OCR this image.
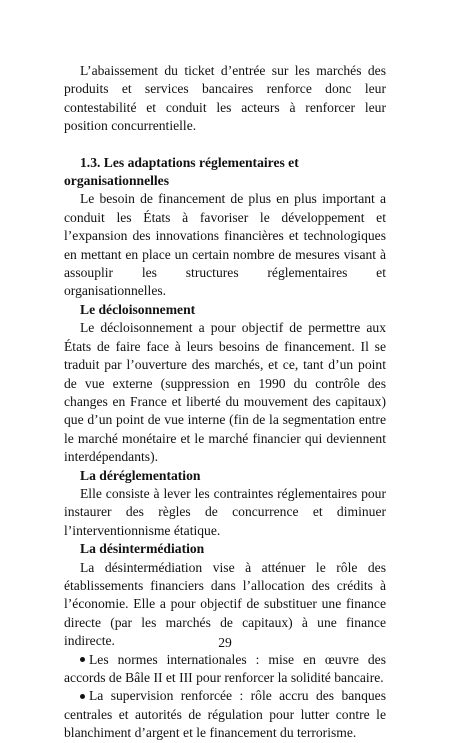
L’abaissement du ticket d’entrée sur les marchés des produits et services bancaires renforce donc leur contestabilité et conduit les acteurs à renforcer leur position concurrentielle.

1.3. Les adaptations réglementaires et organisationnelles

Le besoin de financement de plus en plus important a conduit les États à favoriser le développement et l’expansion des innovations financières et technologiques en mettant en place un certain nombre de mesures visant à assouplir les structures réglementaires et organisationnelles.

Le décloisonnement

Le décloisonnement a pour objectif de permettre aux États de faire face à leurs besoins de financement. Il se traduit par l’ouverture des marchés, et ce, tant d’un point de vue externe (suppression en 1990 du contrôle des changes en France et liberté du mouvement des capitaux) que d’un point de vue interne (fin de la segmentation entre le marché monétaire et le marché financier qui deviennent interdépendants).

La déréglementation

Elle consiste à lever les contraintes réglementaires pour instaurer des règles de concurrence et diminuer l’interventionnisme étatique.

La désintermédiation

La désintermédiation vise à atténuer le rôle des établissements financiers dans l’allocation des crédits à l’économie. Elle a pour objectif de substituer une finance directe (par les marchés de capitaux) à une finance indirecte.

Les normes internationales : mise en œuvre des accords de Bâle II et III pour renforcer la solidité bancaire.

La supervision renforcée : rôle accru des banques centrales et autorités de régulation pour lutter contre le blanchiment d’argent et le financement du terrorisme.

29
